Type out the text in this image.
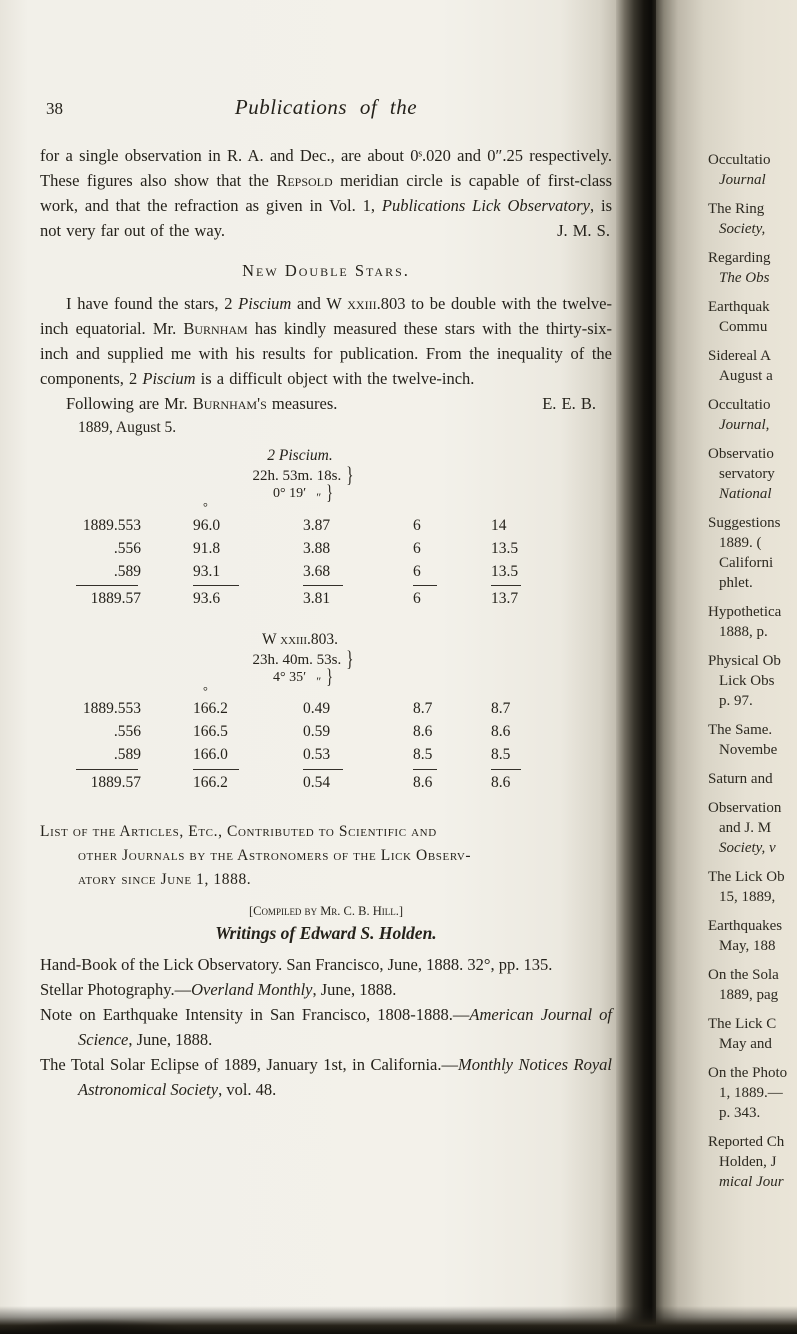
38	Publications of the

for a single observation in R. A. and Dec., are about 0ˢ.020 and 0″.25 respectively. These figures also show that the Repsold meridian circle is capable of first-class work, and that the refraction as given in Vol. 1, Publications Lick Observatory, is not very far out of the way.	J. M. S.

New Double Stars.

I have found the stars, 2 Piscium and W xxiii.803 to be double with the twelve-inch equatorial. Mr. Burnham has kindly measured these stars with the thirty-six-inch and supplied me with his results for publication. From the inequality of the components, 2 Piscium is a difficult object with the twelve-inch.

Following are Mr. Burnham's measures.	E. E. B.

1889, August 5.
2 Piscium.
22h. 53m. 18s. }
0° 19′ ″ }
°
1889.553	96.0	3.87	6	14
.556	91.8	3.88	6	13.5
.589	93.1	3.68	6	13.5

1889.57	93.6	3.81	6	13.7
W xxiii.803.
23h. 40m. 53s. }
4° 35′ ″ }
°
1889.553	166.2	0.49	8.7	8.7
.556	166.5	0.59	8.6	8.6
.589	166.0	0.53	8.5	8.5

1889.57	166.2	0.54	8.6	8.6
List of the Articles, Etc., Contributed to Scientific and
other Journals by the Astronomers of the Lick Observ-
atory since June 1, 1888.
[Compiled by Mr. C. B. Hill.]
Writings of Edward S. Holden.

Hand-Book of the Lick Observatory. San Francisco, June, 1888. 32°, pp. 135.

Stellar Photography.—Overland Monthly, June, 1888.

Note on Earthquake Intensity in San Francisco, 1808-1888.—American Journal of Science, June, 1888.

The Total Solar Eclipse of 1889, January 1st, in California.—Monthly Notices Royal Astronomical Society, vol. 48.

Occultatio
Journal
The Ring
Society,
Regarding
The Obs
Earthquak
Commu
Sidereal A
August a
Occultatio
Journal,
Observatio
servatory
National
Suggestions
1889. (
Californi
phlet.
Hypothetica
1888, p.
Physical Ob
Lick Obs
p. 97.
The Same.
Novembe
Saturn and
Observation
and J. M
Society, v
The Lick Ob
15, 1889,
Earthquakes
May, 188
On the Sola
1889, pag
The Lick C
May and
On the Photo
1, 1889.—
p. 343.
Reported Ch
Holden, J
mical Jour
